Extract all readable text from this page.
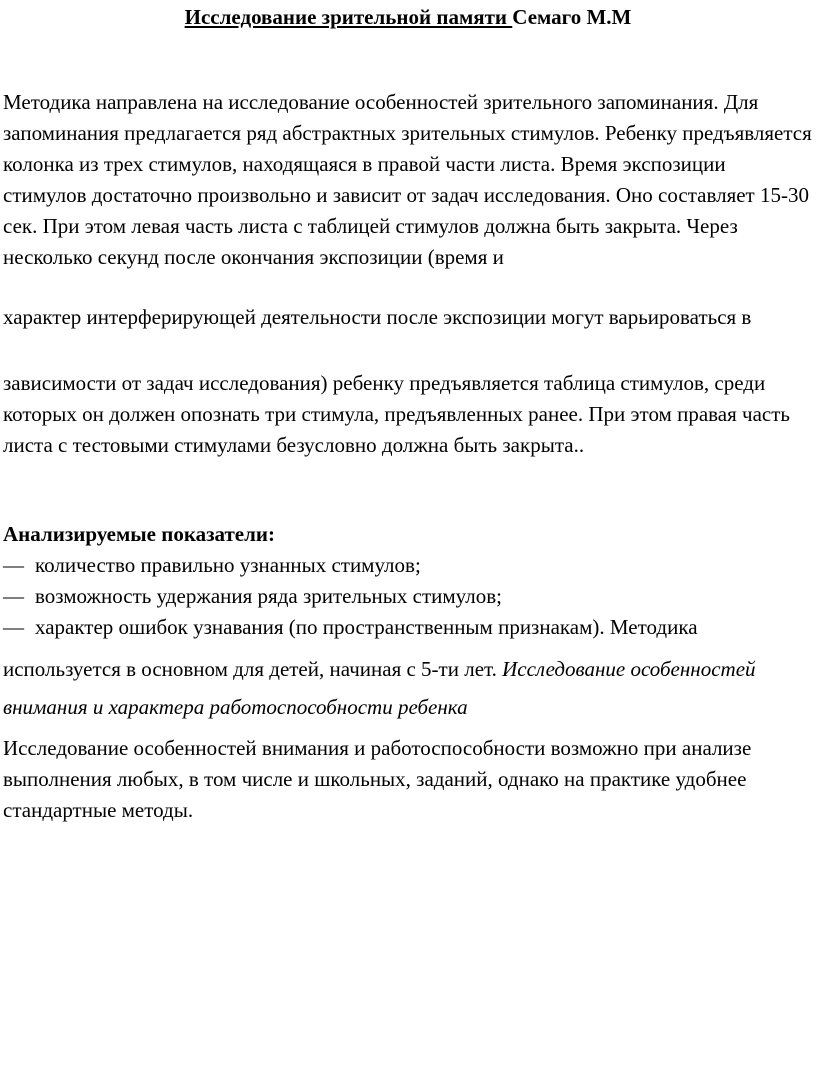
Исследование зрительной памяти Семаго М.М

Методика направлена на исследование особенностей зрительного запоминания. Для запоминания предлагается ряд абстрактных зрительных стимулов. Ребенку предъявляется колонка из трех стимулов, находящаяся в правой части листа. Время экспозиции стимулов достаточно произвольно и зависит от задач исследования. Оно составляет 15-30 сек. При этом левая часть листа с таблицей стимулов должна быть закрыта. Через несколько секунд после окончания экспозиции (время и

характер интерферирующей деятельности после экспозиции могут варьироваться в

зависимости от задач исследования) ребенку предъявляется таблица стимулов, среди которых он должен опознать три стимула, предъявленных ранее. При этом правая часть листа с тестовыми стимулами безусловно должна быть закрыта..

Анализируемые показатели:
— количество правильно узнанных стимулов;
— возможность удержания ряда зрительных стимулов;
— характер ошибок узнавания (по пространственным признакам). Методика

используется в основном для детей, начиная с 5-ти лет. Исследование особенностей внимания и характера работоспособности ребенка

Исследование особенностей внимания и работоспособности возможно при анализе выполнения любых, в том числе и школьных, заданий, однако на практике удобнее стандартные методы.
